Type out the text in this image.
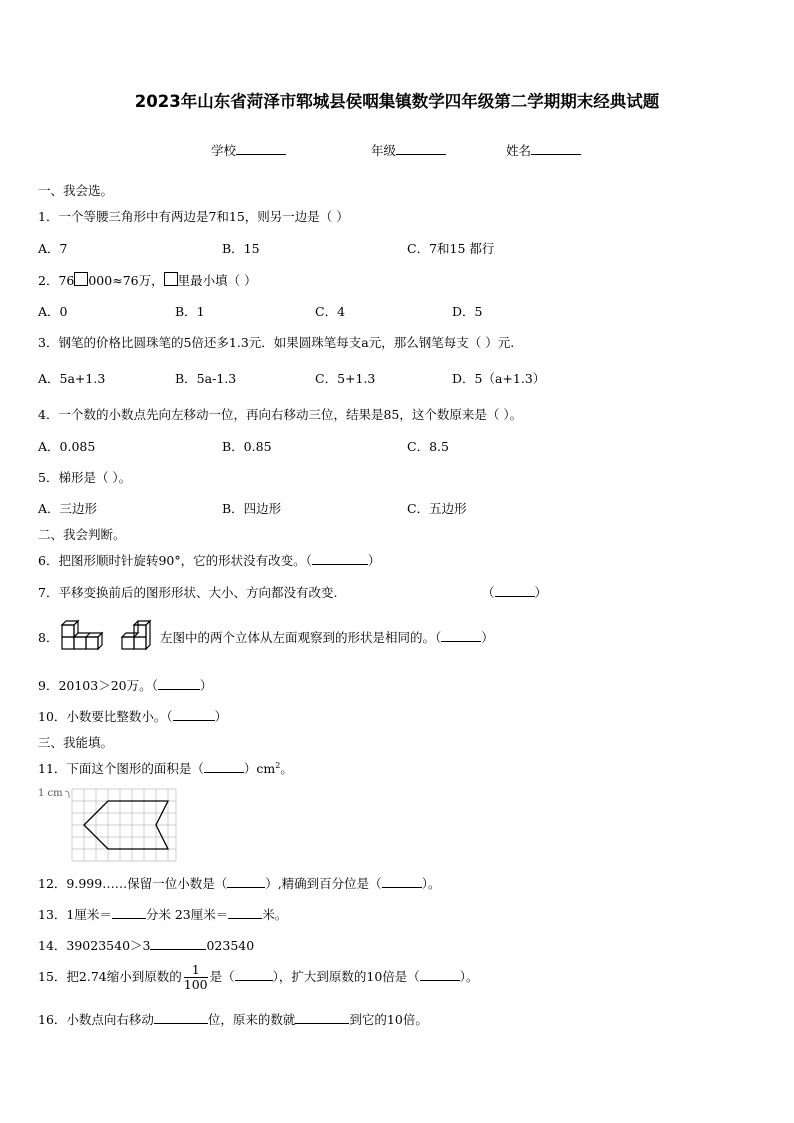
2023年山东省菏泽市郓城县侯咽集镇数学四年级第二学期期末经典试题
学校	年级	姓名
一、我会选。
1．一个等腰三角形中有两边是7和15，则另一边是（ ）
A．7	B．15	C．7和15 都行
2．76 000≈76万， 里最小填（ ）
A．0	B．1	C．4	D．5
3．钢笔的价格比圆珠笔的5倍还多1.3元．如果圆珠笔每支a元，那么钢笔每支（ ）元.
A．5a+1.3	B．5a-1.3	C．5+1.3	D．5（a+1.3）
4．一个数的小数点先向左移动一位，再向右移动三位，结果是85，这个数原来是（ ）。
A．0.085	B．0.85	C．8.5
5．梯形是（ ）。
A．三边形	B．四边形	C．五边形
二、我会判断。
6．把图形顺时针旋转90°，它的形状没有改变。（	）
7．平移变换前后的图形形状、大小、方向都没有改变.	（	）
8．	左图中的两个立体从左面观察到的形状是相同的。（	）
9．20103＞20万。（	）
10．小数要比整数小。（	）
三、我能填。
11．下面这个图形的面积是（	）$cm^2$。
1 cm
12．9.999……保留一位小数是（	）,精确到百分位是（	）。
13．1厘米＝	分米 23厘米＝	米。
14．39023540＞3	023540
15．把2.74缩小到原数的 $\frac{1}{100}$ 是（	），扩大到原数的10倍是（	）。
16．小数点向右移动	位，原来的数就	到它的10倍。
